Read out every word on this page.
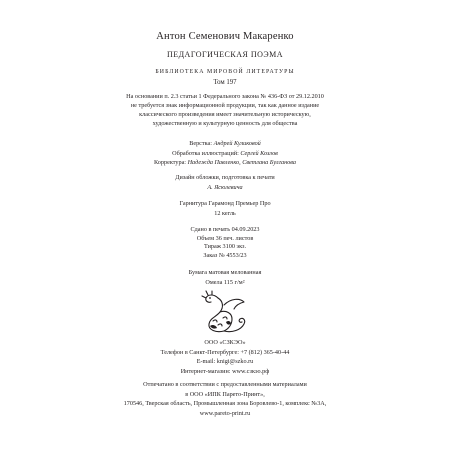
Антон Семенович Макаренко
ПЕДАГОГИЧЕСКАЯ ПОЭМА
БИБЛИОТЕКА МИРОВОЙ ЛИТЕРАТУРЫ
Том 197
На основании п. 2.3 статьи 1 Федерального закона № 436-ФЗ от 29.12.2010
не требуется знак информационной продукции, так как данное издание
классического произведения имеет значительную историческую,
художественную и культурную ценность для общества
Верстка: Андрей Куликовой
Обработка иллюстраций: Сергей Козлов
Корректура: Надежда Павленко, Светлана Булганова
Дизайн обложки, подготовка к печати
А. Ясюлевича
Гарнитура Гарамонд Премьер Про
12 кегль
Сдано в печать 04.09.2023
Объем 36 печ. листов
Тираж 3100 экз.
Заказ № 4553/23
Бумага матовая мелованная
Омела 115 г/м²
ООО «СЗКЭО»
Телефон в Санкт-Петербурге: +7 (812) 365-40-44
E-mail: knigi@szko.ru
Интернет-магазин: www.сзкэо.рф
Отпечатано в соответствии с предоставленными материалами
в ООО «ИПК Парето-Принт»,
170546, Тверская область, Промышленная зона Боровлево-1, комплекс №3А,
www.pareto-print.ru
